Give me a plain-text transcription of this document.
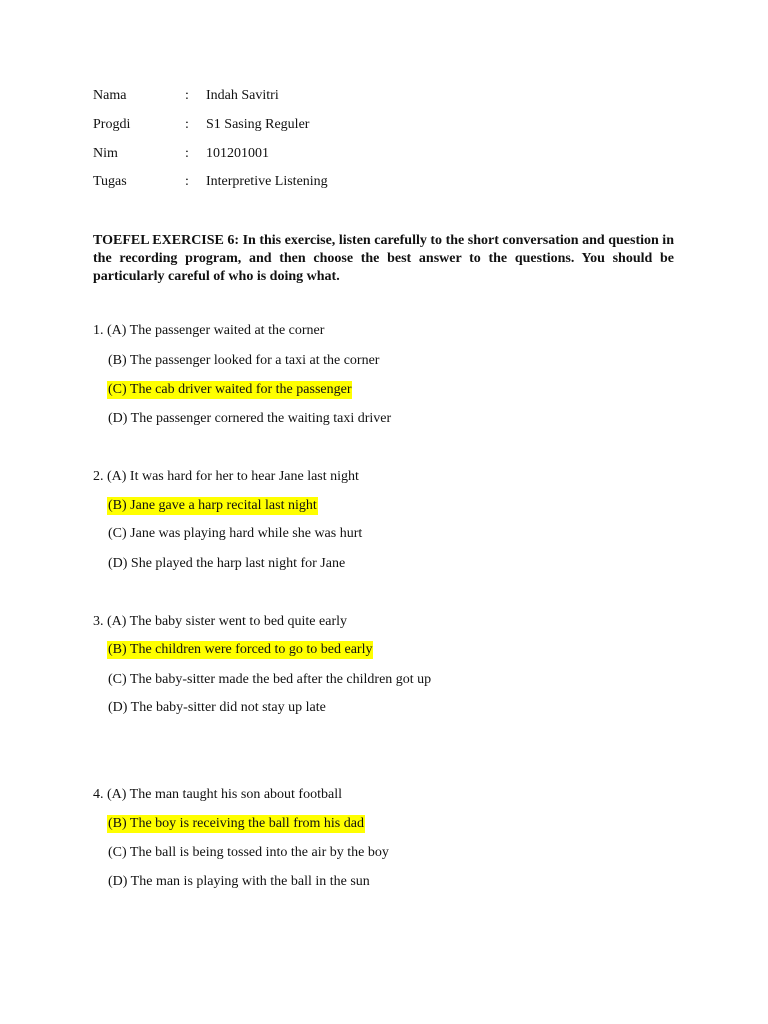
Nama	: Indah Savitri
Progdi	: S1 Sasing Reguler
Nim	: 101201001
Tugas	: Interpretive Listening
TOEFEL EXERCISE 6: In this exercise, listen carefully to the short conversation and question in the recording program, and then choose the best answer to the questions. You should be particularly careful of who is doing what.
1. (A) The passenger waited at the corner
(B) The passenger looked for a taxi at the corner
(C) The cab driver waited for the passenger
(D) The passenger cornered the waiting taxi driver
2. (A) It was hard for her to hear Jane last night
(B) Jane gave a harp recital last night
(C) Jane was playing hard while she was hurt
(D) She played the harp last night for Jane
3. (A) The baby sister went to bed quite early
(B) The children were forced to go to bed early
(C) The baby-sitter made the bed after the children got up
(D) The baby-sitter did not stay up late
4. (A) The man taught his son about football
(B) The boy is receiving the ball from his dad
(C) The ball is being tossed into the air by the boy
(D) The man is playing with the ball in the sun
